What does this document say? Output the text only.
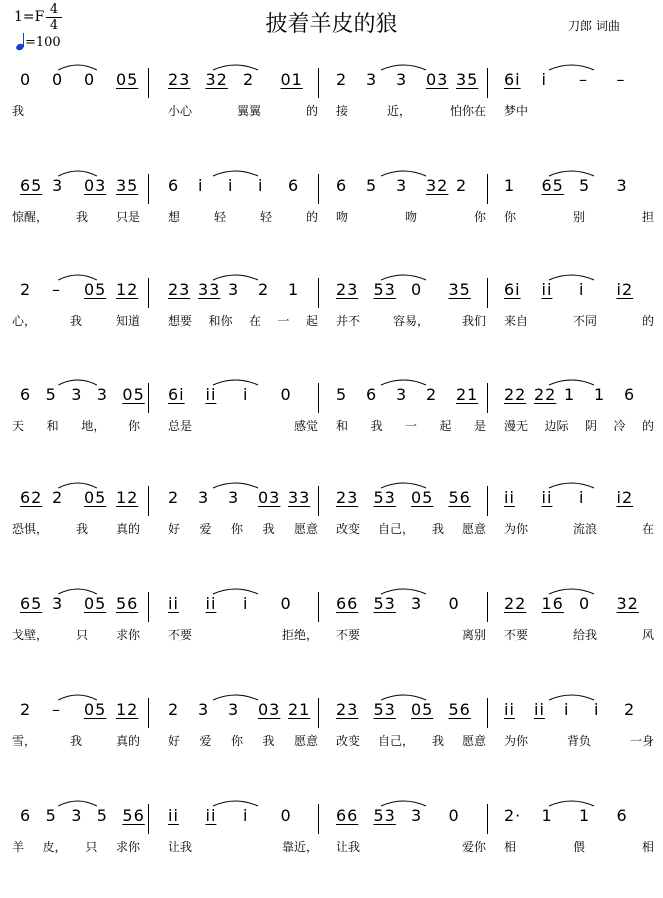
1=F 4
4
=100
披着羊皮的狼	刀郎 词曲
0 0 0 05 23 32 2 01 2 3 3 03 35 6i i – –
我	小心	翼翼	的 接	近，	怕你在 梦中
65 3 03 35 6 i i i 6 6 5 3 32 2 1 65 5 3
惊醒， 我 只是 想	轻	轻	的 吻	吻	你 你	别	担
2 – 05 12 23 33 3 2 1 23 53 0 35 6i ii i i2
心，	我	知道 想要 和你 在 一 起 并不	容易，	我们 来自	不同	的
6 5 3 3 05 6i ii i 0	5 6 3 2 21 22 22 1 1 6
天 和 地， 你 总是	感觉 和 我 一 起 是 漫无 边际 阴 冷 的
62 2 05 12 2 3 3 03 33 23 53 05 56 ii ii i i2
恐惧， 我 真的 好 爱 你 我 愿意 改变 自己， 我 愿意 为你	流浪	在
65 3 05 56 ii ii i 0	66 53 3 0	22 16 0 32
戈壁， 只 求你 不要	拒绝， 不要	离别 不要	给我	风
2 – 05 12 2 3 3 03 21 23 53 05 56 ii ii i i 2
雪，	我	真的 好 爱 你 我 愿意 改变 自己， 我 愿意 为你	背负	一身
6 5 3 5 56 ii ii i 0	66 53 3 0	2· 1 1 6
羊 皮， 只 求你 让我	靠近， 让我	爱你 相	偎	相
